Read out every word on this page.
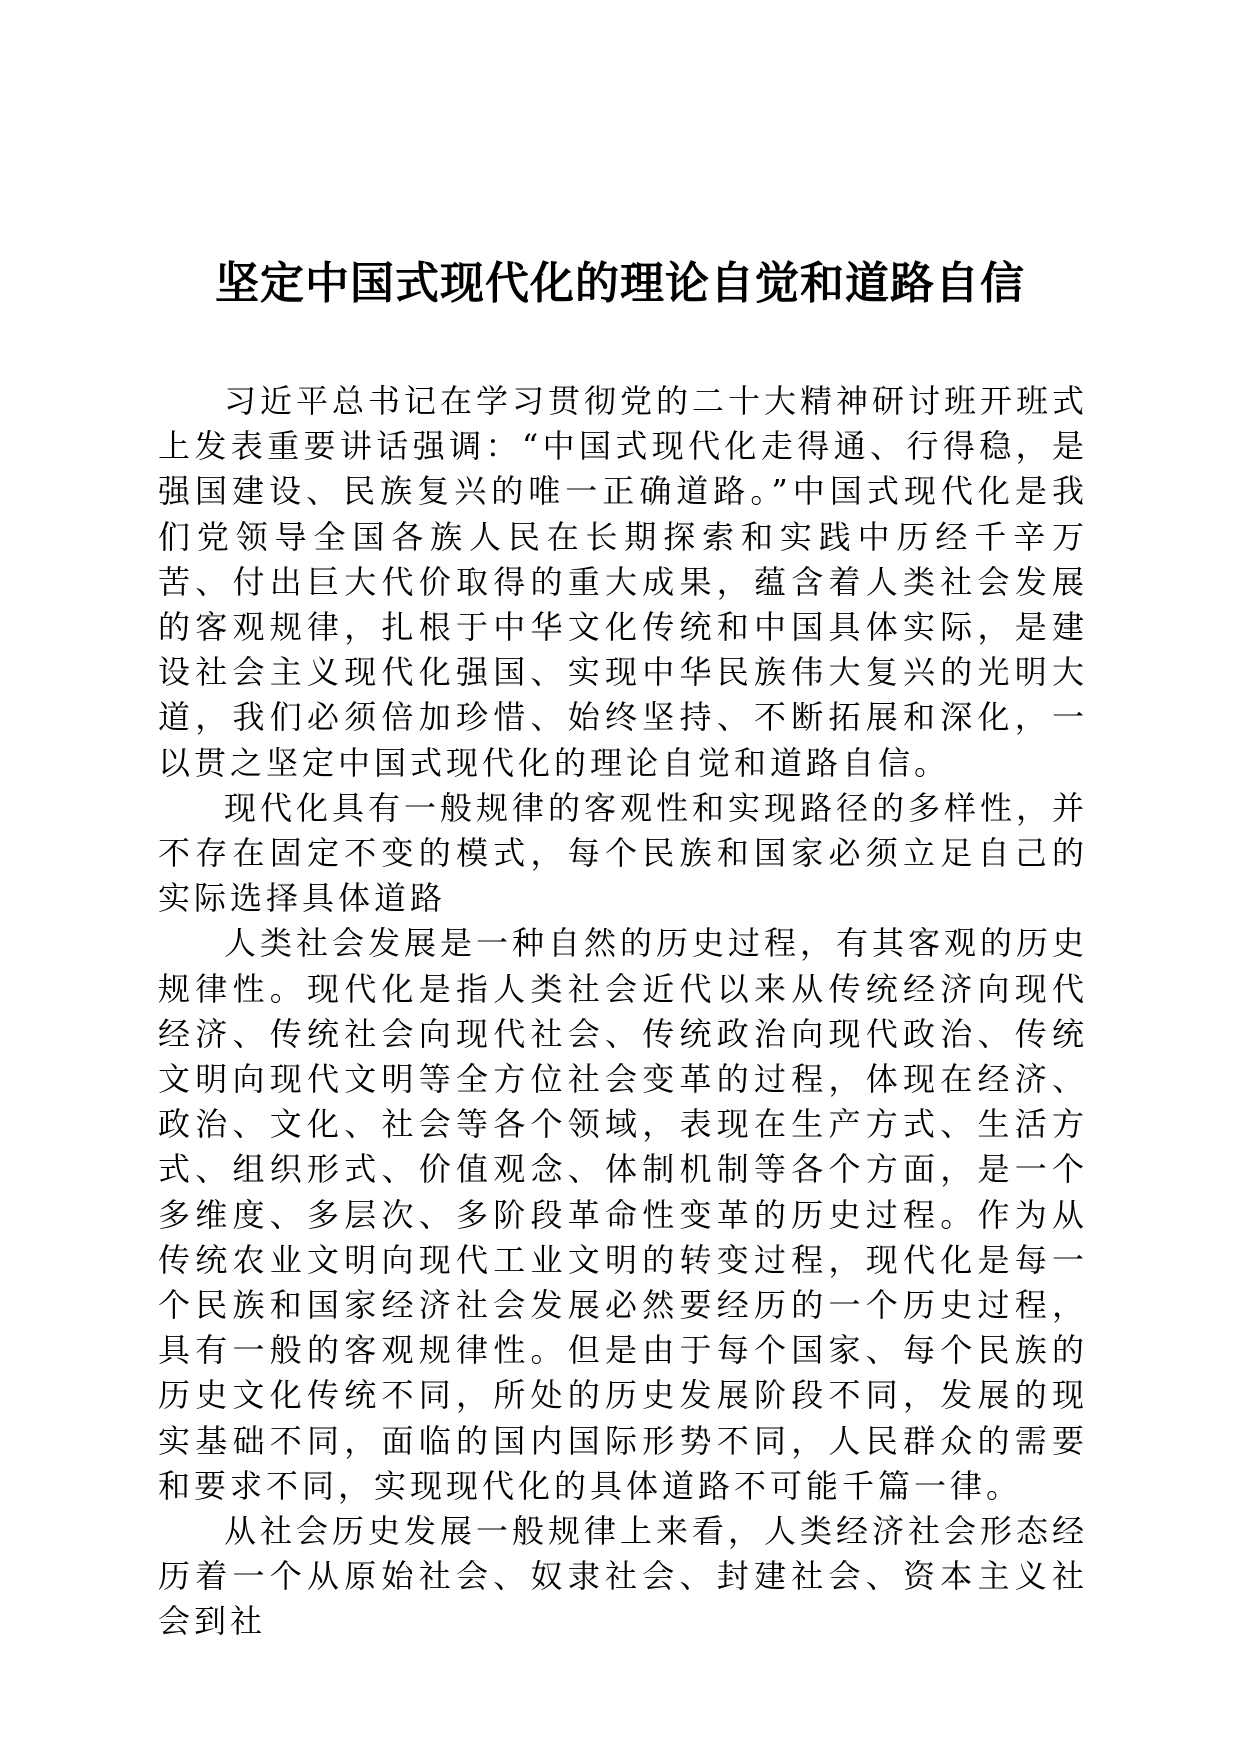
坚定中国式现代化的理论自觉和道路自信

习近平总书记在学习贯彻党的二十大精神研讨班开班式上发表重要讲话强调：“中国式现代化走得通、行得稳，是强国建设、民族复兴的唯一正确道路。”中国式现代化是我们党领导全国各族人民在长期探索和实践中历经千辛万苦、付出巨大代价取得的重大成果，蕴含着人类社会发展的客观规律，扎根于中华文化传统和中国具体实际，是建设社会主义现代化强国、实现中华民族伟大复兴的光明大道，我们必须倍加珍惜、始终坚持、不断拓展和深化，一以贯之坚定中国式现代化的理论自觉和道路自信。

现代化具有一般规律的客观性和实现路径的多样性，并不存在固定不变的模式，每个民族和国家必须立足自己的实际选择具体道路

人类社会发展是一种自然的历史过程，有其客观的历史规律性。现代化是指人类社会近代以来从传统经济向现代经济、传统社会向现代社会、传统政治向现代政治、传统文明向现代文明等全方位社会变革的过程，体现在经济、政治、文化、社会等各个领域，表现在生产方式、生活方式、组织形式、价值观念、体制机制等各个方面，是一个多维度、多层次、多阶段革命性变革的历史过程。作为从传统农业文明向现代工业文明的转变过程，现代化是每一个民族和国家经济社会发展必然要经历的一个历史过程，具有一般的客观规律性。但是由于每个国家、每个民族的历史文化传统不同，所处的历史发展阶段不同，发展的现实基础不同，面临的国内国际形势不同，人民群众的需要和要求不同，实现现代化的具体道路不可能千篇一律。

从社会历史发展一般规律上来看，人类经济社会形态经历着一个从原始社会、奴隶社会、封建社会、资本主义社会到社
